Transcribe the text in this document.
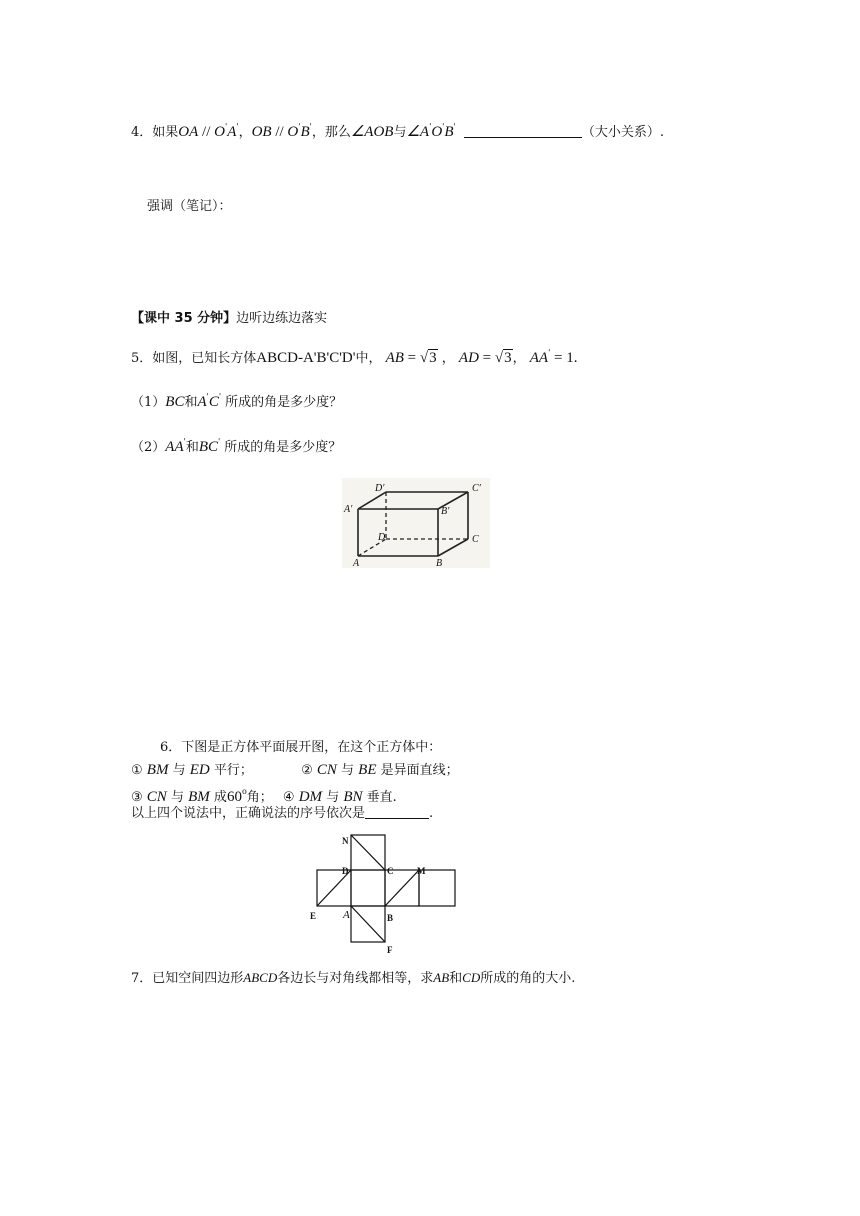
4．如果OA // O'A'，OB // O'B'，那么∠AOB与∠A'O'B'	（大小关系）.
强调（笔记）：
【课中 35 分钟】边听边练边落实
5．如图，已知长方体ABCD-A'B'C'D'中， AB = √3 ， AD = √3， AA' = 1.
（1）BC和A'C' 所成的角是多少度？
（2）AA'和BC' 所成的角是多少度？
A	B
C
D
A′	B′
C′
D′
6．下图是正方体平面展开图，在这个正方体中：
① BM 与 ED 平行；	② CN 与 BE 是异面直线；
③ CN 与 BM 成60$^o$角； ④ DM 与 BN 垂直.
以上四个说法中，正确说法的序号依次是	.
N
D	C	M
E A	B
F
7．已知空间四边形ABCD各边长与对角线都相等，求AB和CD所成的角的大小.
